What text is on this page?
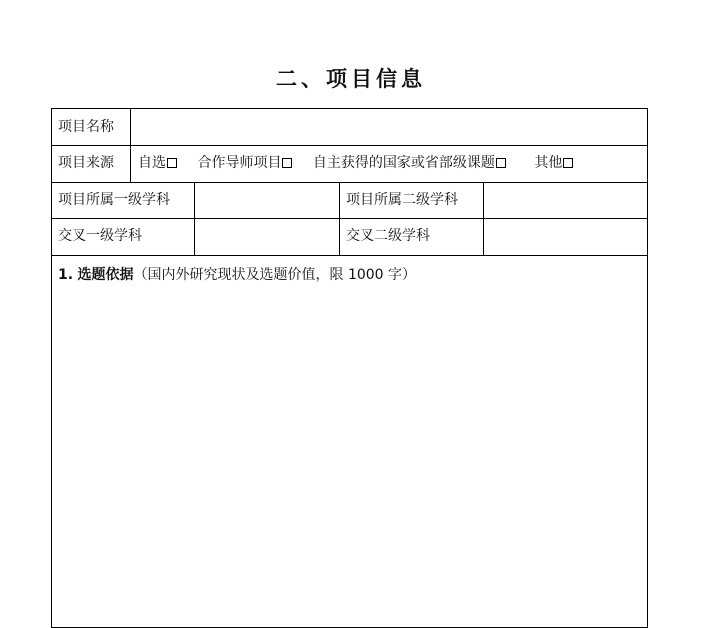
二、项目信息
项目名称
项目来源 自选 合作导师项目 自主获得的国家或省部级课题	其他
项目所属一级学科	项目所属二级学科
交叉一级学科	交叉二级学科
1. 选题依据（国内外研究现状及选题价值，限 1000 字）
